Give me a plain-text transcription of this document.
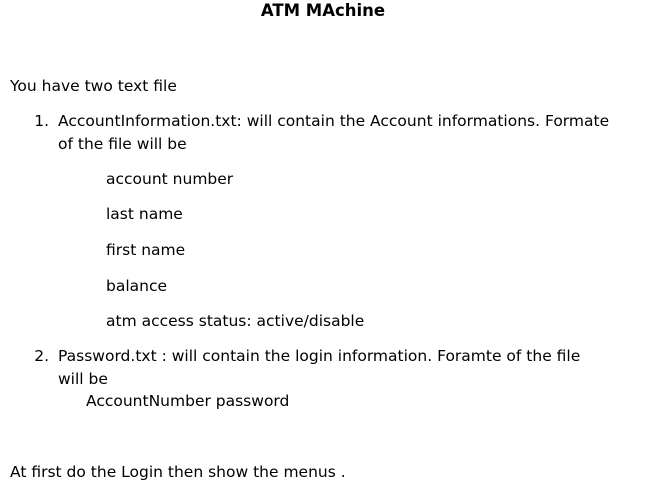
ATM MAchine
You have two text file
1. AccountInformation.txt: will contain the Account informations. Formate
of the file will be
account number
last name
first name
balance
atm access status: active/disable
2. Password.txt : will contain the login information. Foramte of the file
will be
AccountNumber password
At first do the Login then show the menus .
